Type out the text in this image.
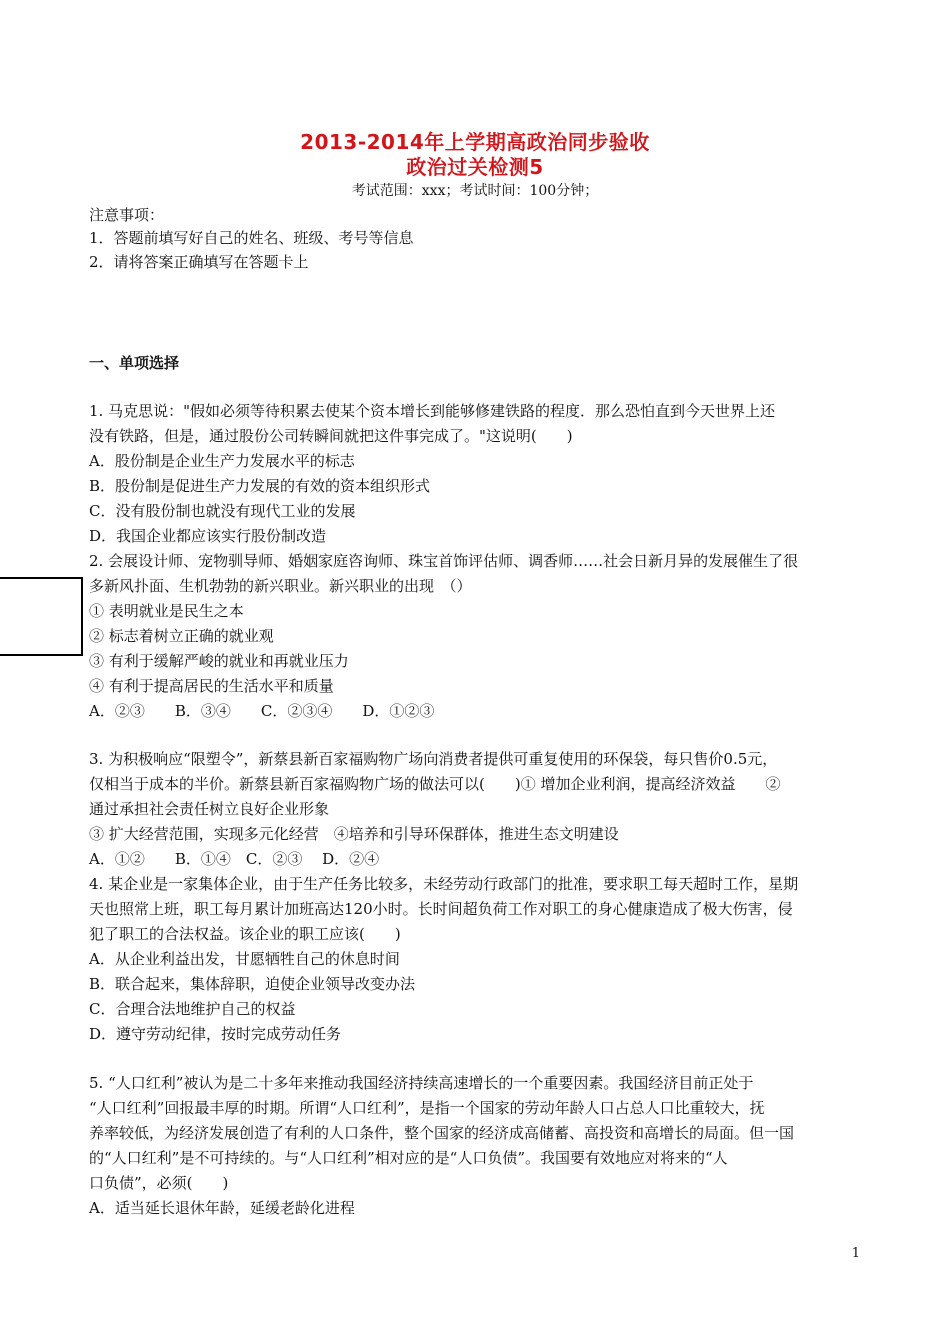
2013-2014年上学期高政治同步验收
政治过关检测5
考试范围：xxx；考试时间：100分钟；
注意事项：
1．答题前填写好自己的姓名、班级、考号等信息
2．请将答案正确填写在答题卡上
一、单项选择
1. 马克思说："假如必须等待积累去使某个资本增长到能够修建铁路的程度．那么恐怕直到今天世界上还
没有铁路，但是，通过股份公司转瞬间就把这件事完成了。"这说明(　　)
A．股份制是企业生产力发展水平的标志
B．股份制是促进生产力发展的有效的资本组织形式
C．没有股份制也就没有现代工业的发展
D．我国企业都应该实行股份制改造
2. 会展设计师、宠物驯导师、婚姻家庭咨询师、珠宝首饰评估师、调香师……社会日新月异的发展催生了很
多新风扑面、生机勃勃的新兴职业。新兴职业的出现　（）
① 表明就业是民生之本
② 标志着树立正确的就业观
③ 有利于缓解严峻的就业和再就业压力
④ 有利于提高居民的生活水平和质量
A．②③　　B．③④　　C．②③④　　D．①②③
3. 为积极响应“限塑令”，新蔡县新百家福购物广场向消费者提供可重复使用的环保袋，每只售价0.5元，
仅相当于成本的半价。新蔡县新百家福购物广场的做法可以(　　)① 增加企业利润，提高经济效益　　②
通过承担社会责任树立良好企业形象
③ 扩大经营范围，实现多元化经营　④培养和引导环保群体，推进生态文明建设
A．①②　　B．①④　C．②③　 D．②④
4. 某企业是一家集体企业，由于生产任务比较多，未经劳动行政部门的批准，要求职工每天超时工作，星期
天也照常上班，职工每月累计加班高达120小时。长时间超负荷工作对职工的身心健康造成了极大伤害，侵
犯了职工的合法权益。该企业的职工应该(　　)
A．从企业利益出发，甘愿牺牲自己的休息时间
B．联合起来，集体辞职，迫使企业领导改变办法
C．合理合法地维护自己的权益
D．遵守劳动纪律，按时完成劳动任务
5. “人口红利”被认为是二十多年来推动我国经济持续高速增长的一个重要因素。我国经济目前正处于
“人口红利”回报最丰厚的时期。所谓“人口红利”，是指一个国家的劳动年龄人口占总人口比重较大，抚
养率较低，为经济发展创造了有利的人口条件，整个国家的经济成高储蓄、高投资和高增长的局面。但一国
的“人口红利”是不可持续的。与“人口红利”相对应的是“人口负债”。我国要有效地应对将来的“人
口负债”，必须(　　)
A．适当延长退休年龄，延缓老龄化进程
1
